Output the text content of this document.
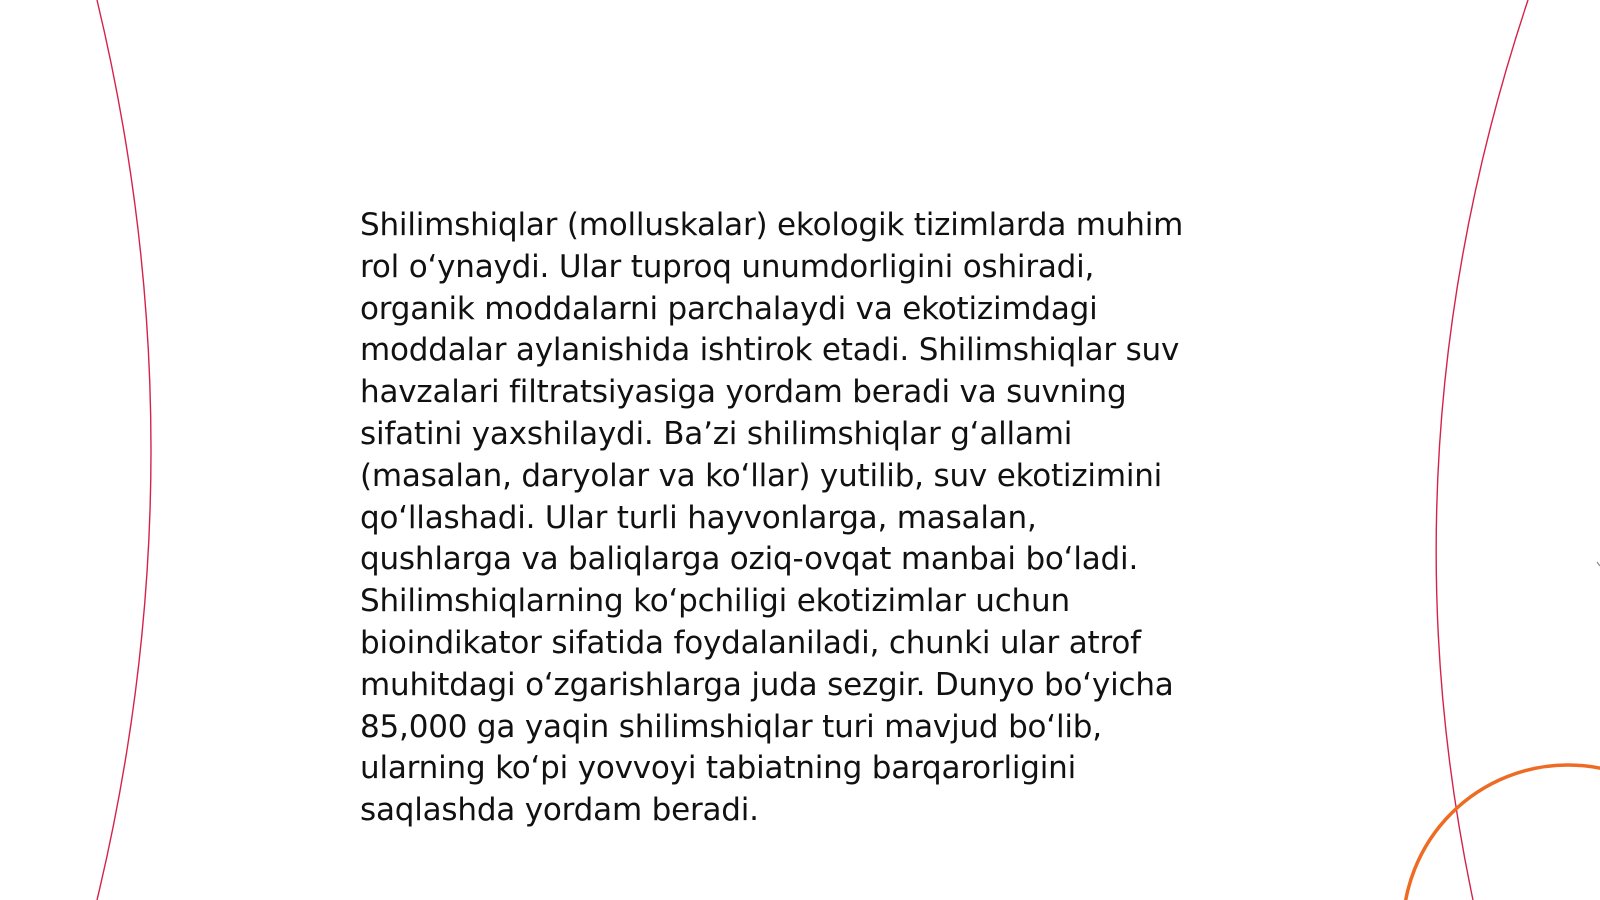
Shilimshiqlar (molluskalar) ekologik tizimlarda muhim
rol o‘ynaydi. Ular tuproq unumdorligini oshiradi,
organik moddalarni parchalaydi va ekotizimdagi
moddalar aylanishida ishtirok etadi. Shilimshiqlar suv
havzalari filtratsiyasiga yordam beradi va suvning
sifatini yaxshilaydi. Ba’zi shilimshiqlar g‘allami
(masalan, daryolar va ko‘llar) yutilib, suv ekotizimini
qo‘llashadi. Ular turli hayvonlarga, masalan,
qushlarga va baliqlarga oziq-ovqat manbai bo‘ladi.
Shilimshiqlarning ko‘pchiligi ekotizimlar uchun
bioindikator sifatida foydalaniladi, chunki ular atrof
muhitdagi o‘zgarishlarga juda sezgir. Dunyo bo‘yicha
85,000 ga yaqin shilimshiqlar turi mavjud bo‘lib,
ularning ko‘pi yovvoyi tabiatning barqarorligini
saqlashda yordam beradi.
